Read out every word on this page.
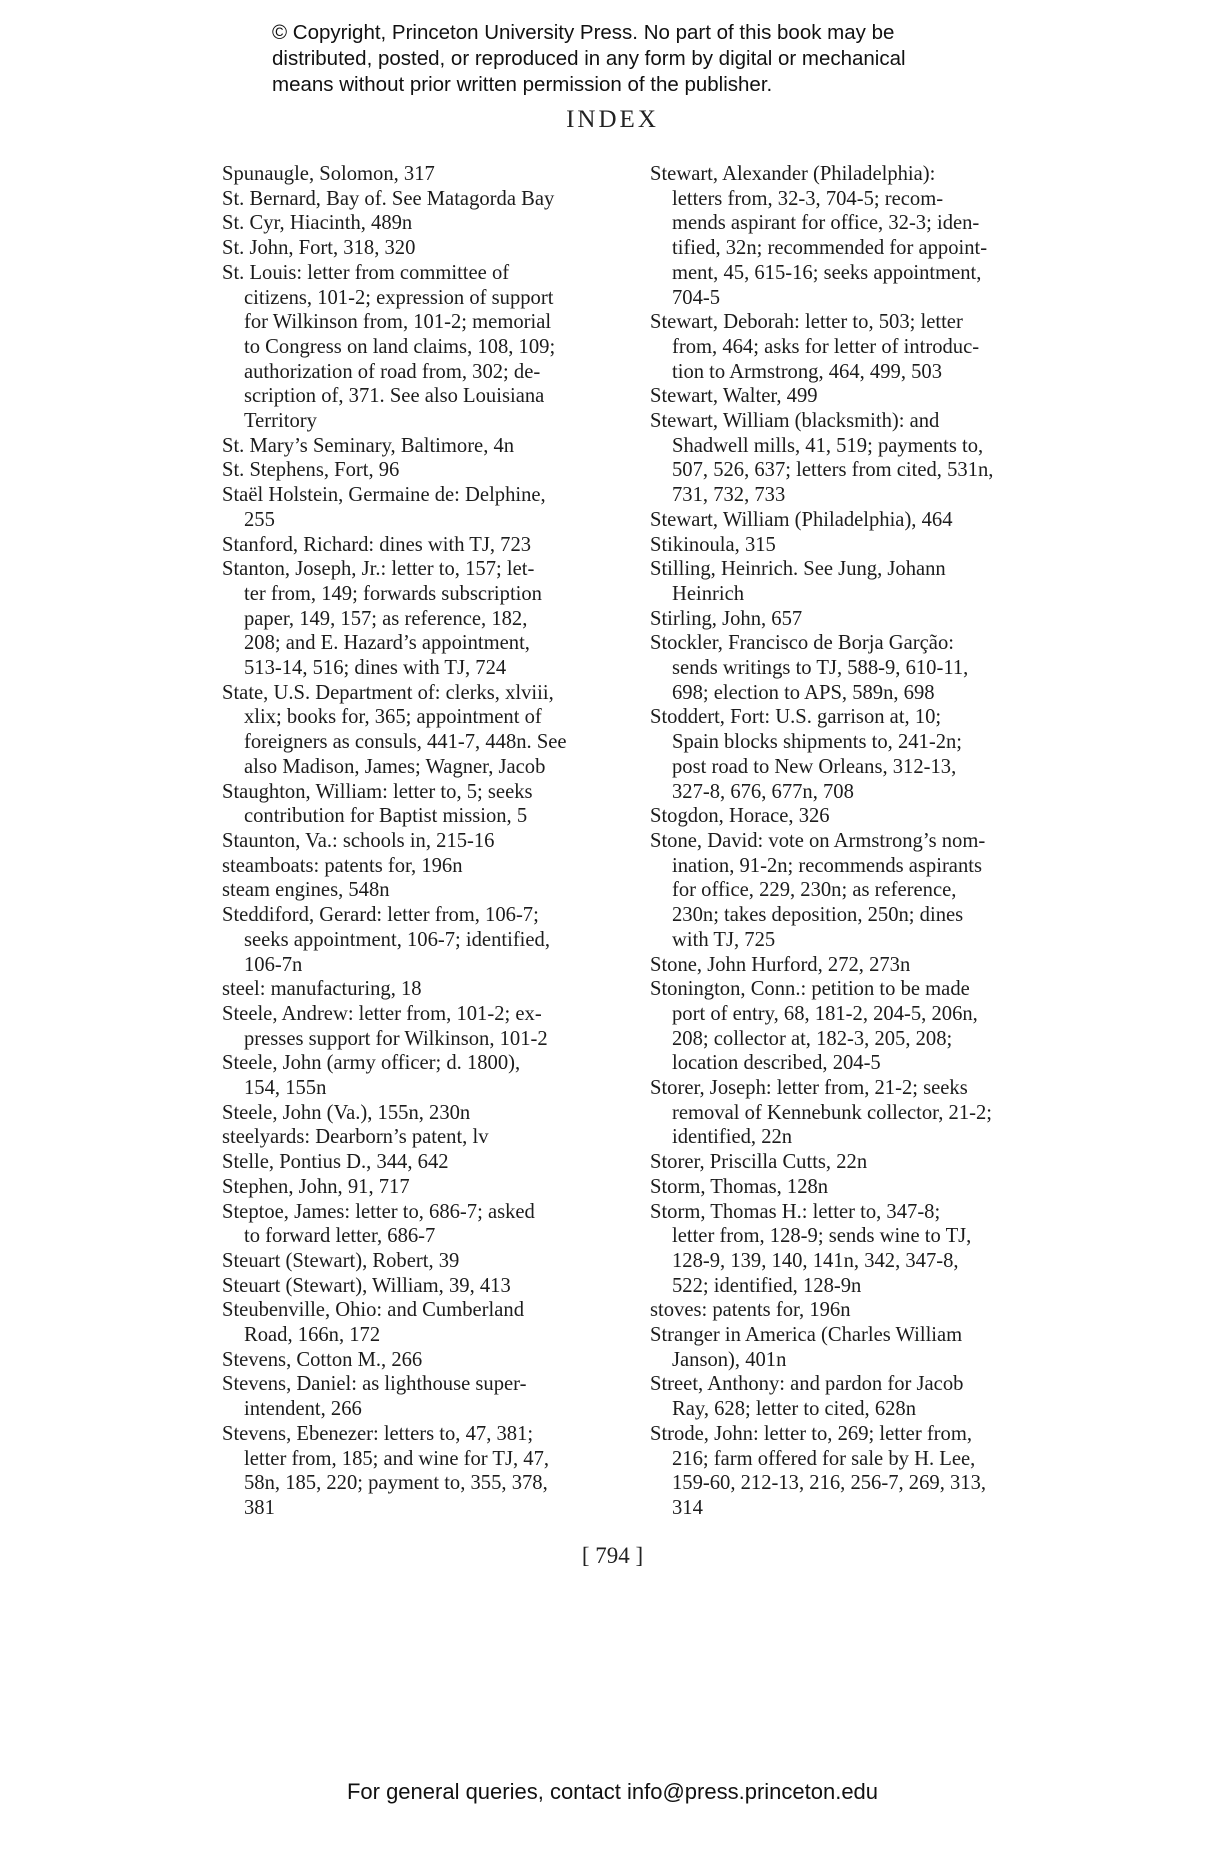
© Copyright, Princeton University Press. No part of this book may be
distributed, posted, or reproduced in any form by digital or mechanical
means without prior written permission of the publisher.
INDEX
Spunaugle, Solomon, 317
St. Bernard, Bay of. See Matagorda Bay
St. Cyr, Hiacinth, 489n
St. John, Fort, 318, 320
St. Louis: letter from committee of
citizens, 101-2; expression of support
for Wilkinson from, 101-2; memorial
to Congress on land claims, 108, 109;
authorization of road from, 302; de-
scription of, 371. See also Louisiana
Territory
St. Mary’s Seminary, Baltimore, 4n
St. Stephens, Fort, 96
Staël Holstein, Germaine de: Delphine,
255
Stanford, Richard: dines with TJ, 723
Stanton, Joseph, Jr.: letter to, 157; let-
ter from, 149; forwards subscription
paper, 149, 157; as reference, 182,
208; and E. Hazard’s appointment,
513-14, 516; dines with TJ, 724
State, U.S. Department of: clerks, xlviii,
xlix; books for, 365; appointment of
foreigners as consuls, 441-7, 448n. See
also Madison, James; Wagner, Jacob
Staughton, William: letter to, 5; seeks
contribution for Baptist mission, 5
Staunton, Va.: schools in, 215-16
steamboats: patents for, 196n
steam engines, 548n
Steddiford, Gerard: letter from, 106-7;
seeks appointment, 106-7; identified,
106-7n
steel: manufacturing, 18
Steele, Andrew: letter from, 101-2; ex-
presses support for Wilkinson, 101-2
Steele, John (army officer; d. 1800),
154, 155n
Steele, John (Va.), 155n, 230n
steelyards: Dearborn’s patent, lv
Stelle, Pontius D., 344, 642
Stephen, John, 91, 717
Steptoe, James: letter to, 686-7; asked
to forward letter, 686-7
Steuart (Stewart), Robert, 39
Steuart (Stewart), William, 39, 413
Steubenville, Ohio: and Cumberland
Road, 166n, 172
Stevens, Cotton M., 266
Stevens, Daniel: as lighthouse super-
intendent, 266
Stevens, Ebenezer: letters to, 47, 381;
letter from, 185; and wine for TJ, 47,
58n, 185, 220; payment to, 355, 378,
381
Stewart, Alexander (Philadelphia):
letters from, 32-3, 704-5; recom-
mends aspirant for office, 32-3; iden-
tified, 32n; recommended for appoint-
ment, 45, 615-16; seeks appointment,
704-5
Stewart, Deborah: letter to, 503; letter
from, 464; asks for letter of introduc-
tion to Armstrong, 464, 499, 503
Stewart, Walter, 499
Stewart, William (blacksmith): and
Shadwell mills, 41, 519; payments to,
507, 526, 637; letters from cited, 531n,
731, 732, 733
Stewart, William (Philadelphia), 464
Stikinoula, 315
Stilling, Heinrich. See Jung, Johann
Heinrich
Stirling, John, 657
Stockler, Francisco de Borja Garção:
sends writings to TJ, 588-9, 610-11,
698; election to APS, 589n, 698
Stoddert, Fort: U.S. garrison at, 10;
Spain blocks shipments to, 241-2n;
post road to New Orleans, 312-13,
327-8, 676, 677n, 708
Stogdon, Horace, 326
Stone, David: vote on Armstrong’s nom-
ination, 91-2n; recommends aspirants
for office, 229, 230n; as reference,
230n; takes deposition, 250n; dines
with TJ, 725
Stone, John Hurford, 272, 273n
Stonington, Conn.: petition to be made
port of entry, 68, 181-2, 204-5, 206n,
208; collector at, 182-3, 205, 208;
location described, 204-5
Storer, Joseph: letter from, 21-2; seeks
removal of Kennebunk collector, 21-2;
identified, 22n
Storer, Priscilla Cutts, 22n
Storm, Thomas, 128n
Storm, Thomas H.: letter to, 347-8;
letter from, 128-9; sends wine to TJ,
128-9, 139, 140, 141n, 342, 347-8,
522; identified, 128-9n
stoves: patents for, 196n
Stranger in America (Charles William
Janson), 401n
Street, Anthony: and pardon for Jacob
Ray, 628; letter to cited, 628n
Strode, John: letter to, 269; letter from,
216; farm offered for sale by H. Lee,
159-60, 212-13, 216, 256-7, 269, 313,
314
[ 794 ]
For general queries, contact info@press.princeton.edu
